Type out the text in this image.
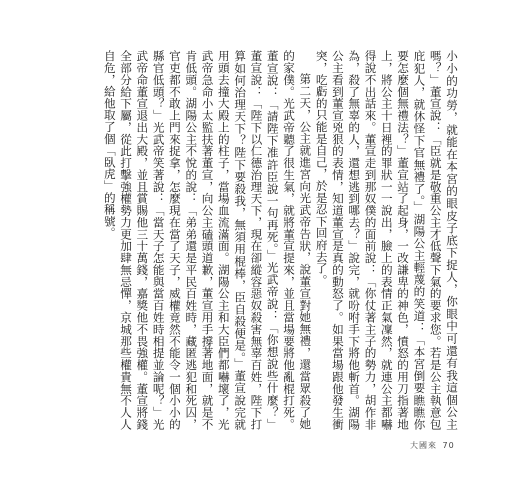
小小的功勞，就能在本宮的眼皮子底下捉人，你眼中可還有我這個公主嗎？」董宣說：「臣就是敬重公主才低聲下氣的要求您。若是公主執意包庇犯人，就休怪下官無禮了。」湖陽公主輕蔑的笑道：「本宮倒要瞧瞧你要怎麼個無禮法？」董宣站了起身，一改謙卑的神色，憤怒的用刀指著地上，將公主十日裡的罪狀一一說出，臉上的表情正氣凜然，就連公主都嚇得說不出話來。董宣走到那奴僕的面前說：「你仗著主子的勢力，胡作非為，殺了無辜的人，還想逃到哪去？」說完，就吩咐手下將他斬首。湖陽公主看到董宣兇狠的表情，知道董宣是真的動怒了。如果當場跟他發生衝突，吃虧的只能是自己，於是忍下回府去了。

第二天，公主就進宮向光武帝告狀，說董宣對她無禮，還當眾殺了她的家僕。光武帝聽了很生氣，就將董宣提來，並且當場要將他亂棍打死。董宣說：「請陛下准許臣說一句再死。」光武帝說：「你想說些什麼？」董宣說：「陛下以仁德治理天下，現在卻縱容惡奴殺害無辜百姓，陛下打算如何治理天下？陛下要殺我，無須用棍棒，臣自殺便是。」董宣說完就用頭去撞大殿上的柱子，當場血流滿面。湖陽公主和大臣們都嚇壞了，光武帝急命小太監扶著董宣，向公主磕頭道歉，董宣用手撐著地面，就是不肯低頭。湖陽公主不悅的說：「弟弟還是平民百姓時，藏匿逃犯和死囚，官吏都不敢上門來捉拿，怎麼現在當了天子，威權竟然不能令一個小小的縣官低頭？」光武帝笑著說：「當天子怎能與當百姓時相提並論呢？」光武帝命董宣退出大殿，並且賞賜他三十萬錢，嘉獎他不畏強權。董宣將錢全部分給下屬，從此打擊強權勢力更加肆無忌憚，京城那些權貴無不人人自危，給他取了個「臥虎」的稱號。

大國來 70
